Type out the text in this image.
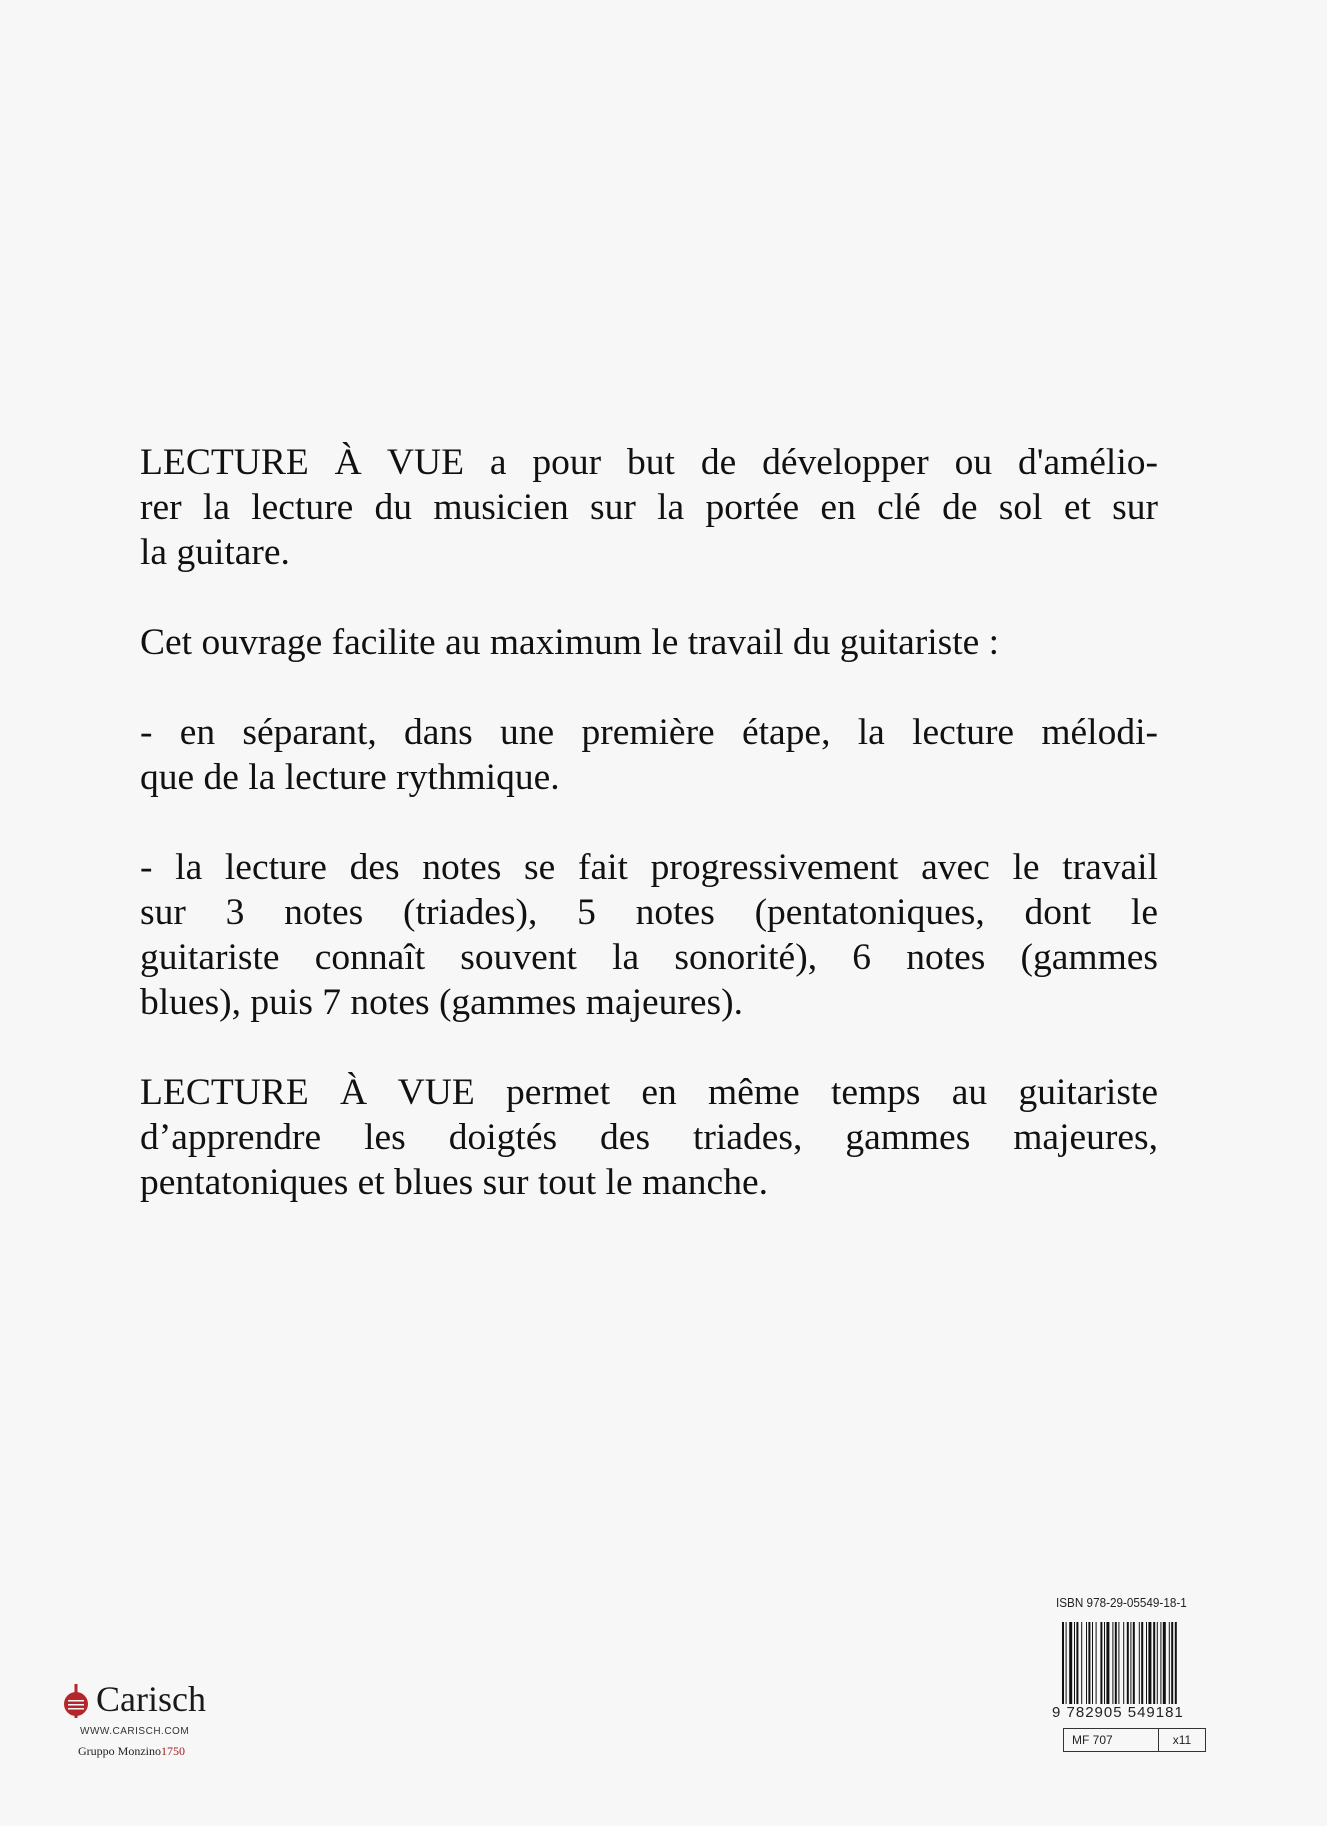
LECTURE À VUE a pour but de développer ou d'amélio-
rer la lecture du musicien sur la portée en clé de sol et sur
la guitare.

Cet ouvrage facilite au maximum le travail du guitariste :

- en séparant, dans une première étape, la lecture mélodi-
que de la lecture rythmique.

- la lecture des notes se fait progressivement avec le travail
sur 3 notes (triades), 5 notes (pentatoniques, dont le
guitariste connaît souvent la sonorité), 6 notes (gammes
blues), puis 7 notes (gammes majeures).

LECTURE À VUE permet en même temps au guitariste
d’apprendre les doigtés des triades, gammes majeures,
pentatoniques et blues sur tout le manche.

Carisch
WWW.CARISCH.COM
Gruppo Monzino1750
ISBN 978-29-05549-18-1
9 782905 549181
MF 707	x11
